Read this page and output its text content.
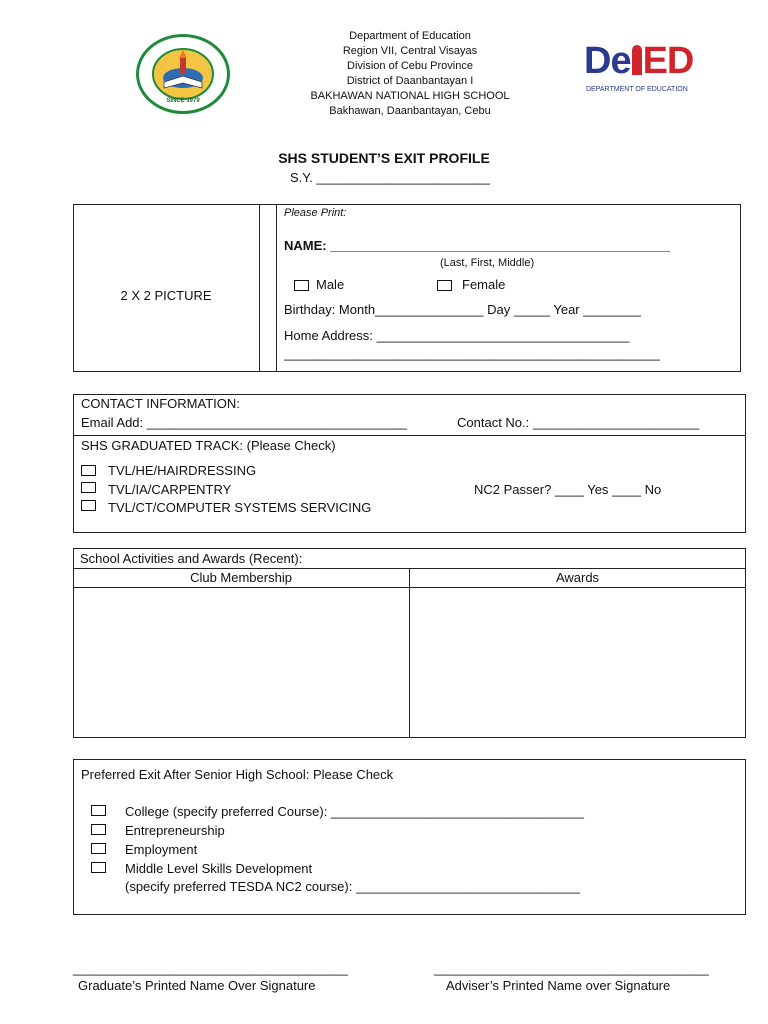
SINCE 1979
Department of Education
Region VII, Central Visayas
Division of Cebu Province
District of Daanbantayan I
BAKHAWAN NATIONAL HIGH SCHOOL
Bakhawan, Daanbantayan, Cebu
De ED
DEPARTMENT OF EDUCATION
SHS STUDENT’S EXIT PROFILE
S.Y. ________________________
2 X 2 PICTURE
Please Print:
NAME: _______________________________________________
(Last, First, Middle)
Male	Female
Birthday: Month_______________ Day _____ Year ________
Home Address: ___________________________________
____________________________________________________
CONTACT INFORMATION:
Email Add: ____________________________________	Contact No.: _______________________
SHS GRADUATED TRACK: (Please Check)
TVL/HE/HAIRDRESSING
TVL/IA/CARPENTRY
TVL/CT/COMPUTER SYSTEMS SERVICING
NC2 Passer? ____ Yes ____ No
School Activities and Awards (Recent):
Club Membership	Awards
Preferred Exit After Senior High School: Please Check
College (specify preferred Course): ___________________________________
Entrepreneurship
Employment
Middle Level Skills Development
(specify preferred TESDA NC2 course): _______________________________
______________________________________
Graduate’s Printed Name Over Signature
______________________________________
Adviser’s Printed Name over Signature
